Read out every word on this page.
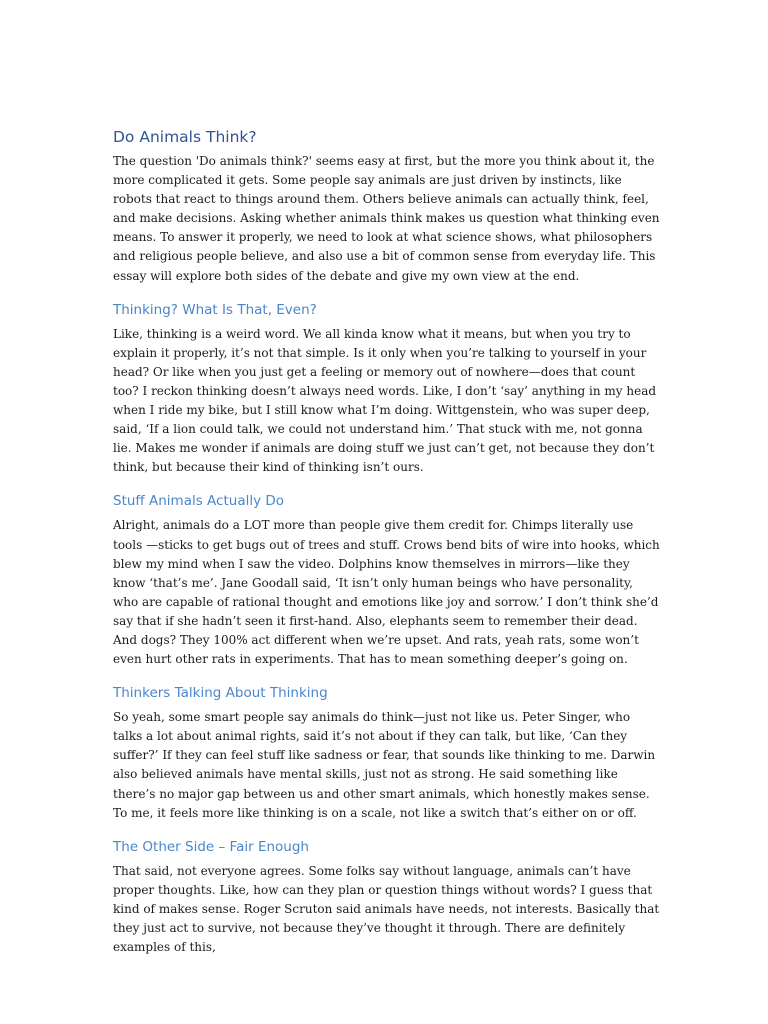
Do Animals Think?

The question 'Do animals think?' seems easy at first, but the more you think about it, the more complicated it gets. Some people say animals are just driven by instincts, like robots that react to things around them. Others believe animals can actually think, feel, and make decisions. Asking whether animals think makes us question what thinking even means. To answer it properly, we need to look at what science shows, what philosophers and religious people believe, and also use a bit of common sense from everyday life. This essay will explore both sides of the debate and give my own view at the end.

Thinking? What Is That, Even?

Like, thinking is a weird word. We all kinda know what it means, but when you try to explain it properly, it’s not that simple. Is it only when you’re talking to yourself in your head? Or like when you just get a feeling or memory out of nowhere—does that count too? I reckon thinking doesn’t always need words. Like, I don’t ‘say’ anything in my head when I ride my bike, but I still know what I’m doing. Wittgenstein, who was super deep, said, ‘If a lion could talk, we could not understand him.’ That stuck with me, not gonna lie. Makes me wonder if animals are doing stuff we just can’t get, not because they don’t think, but because their kind of thinking isn’t ours.

Stuff Animals Actually Do

Alright, animals do a LOT more than people give them credit for. Chimps literally use tools —sticks to get bugs out of trees and stuff. Crows bend bits of wire into hooks, which blew my mind when I saw the video. Dolphins know themselves in mirrors—like they know ‘that’s me’. Jane Goodall said, ‘It isn’t only human beings who have personality, who are capable of rational thought and emotions like joy and sorrow.’ I don’t think she’d say that if she hadn’t seen it first-hand. Also, elephants seem to remember their dead. And dogs? They 100% act different when we’re upset. And rats, yeah rats, some won’t even hurt other rats in experiments. That has to mean something deeper’s going on.

Thinkers Talking About Thinking

So yeah, some smart people say animals do think—just not like us. Peter Singer, who talks a lot about animal rights, said it’s not about if they can talk, but like, ‘Can they suffer?’ If they can feel stuff like sadness or fear, that sounds like thinking to me. Darwin also believed animals have mental skills, just not as strong. He said something like there’s no major gap between us and other smart animals, which honestly makes sense. To me, it feels more like thinking is on a scale, not like a switch that’s either on or off.

The Other Side – Fair Enough

That said, not everyone agrees. Some folks say without language, animals can’t have proper thoughts. Like, how can they plan or question things without words? I guess that kind of makes sense. Roger Scruton said animals have needs, not interests. Basically that they just act to survive, not because they’ve thought it through. There are definitely examples of this,
